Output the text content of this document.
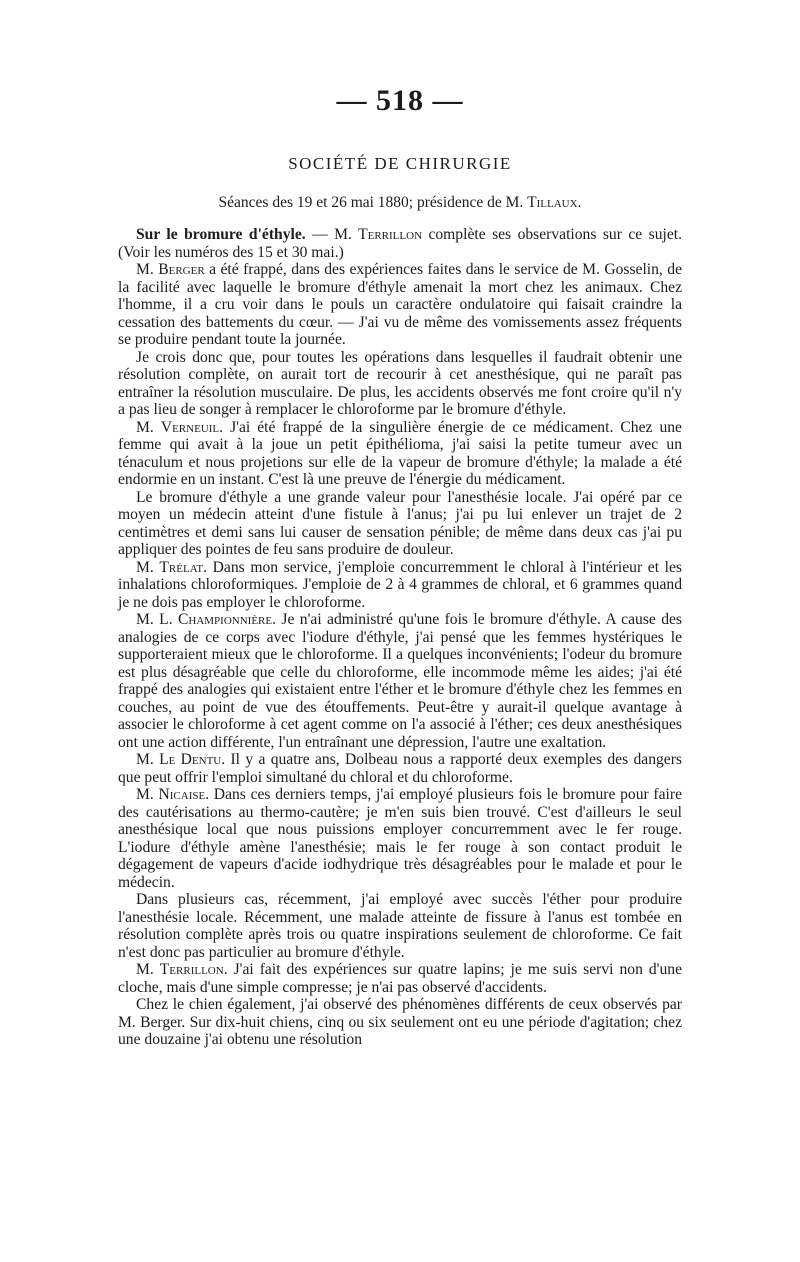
— 518 —
SOCIÉTÉ DE CHIRURGIE
Séances des 19 et 26 mai 1880; présidence de M. Tillaux.

Sur le bromure d'éthyle. — M. Terrillon complète ses observations sur ce sujet. (Voir les numéros des 15 et 30 mai.)

M. Berger a été frappé, dans des expériences faites dans le service de M. Gosselin, de la facilité avec laquelle le bromure d'éthyle amenait la mort chez les animaux. Chez l'homme, il a cru voir dans le pouls un caractère ondulatoire qui faisait craindre la cessation des battements du cœur. — J'ai vu de même des vomissements assez fréquents se produire pendant toute la journée.

Je crois donc que, pour toutes les opérations dans lesquelles il faudrait obtenir une résolution complète, on aurait tort de recourir à cet anesthésique, qui ne paraît pas entraîner la résolution musculaire. De plus, les accidents observés me font croire qu'il n'y a pas lieu de songer à remplacer le chloroforme par le bromure d'éthyle.

M. Verneuil. J'ai été frappé de la singulière énergie de ce médicament. Chez une femme qui avait à la joue un petit épithélioma, j'ai saisi la petite tumeur avec un ténaculum et nous projetions sur elle de la vapeur de bromure d'éthyle; la malade a été endormie en un instant. C'est là une preuve de l'énergie du médicament.

Le bromure d'éthyle a une grande valeur pour l'anesthésie locale. J'ai opéré par ce moyen un médecin atteint d'une fistule à l'anus; j'ai pu lui enlever un trajet de 2 centimètres et demi sans lui causer de sensation pénible; de même dans deux cas j'ai pu appliquer des pointes de feu sans produire de douleur.

M. Trélat. Dans mon service, j'emploie concurremment le chloral à l'intérieur et les inhalations chloroformiques. J'emploie de 2 à 4 grammes de chloral, et 6 grammes quand je ne dois pas employer le chloroforme.

M. L. Championnière. Je n'ai administré qu'une fois le bromure d'éthyle. A cause des analogies de ce corps avec l'iodure d'éthyle, j'ai pensé que les femmes hystériques le supporteraient mieux que le chloroforme. Il a quelques inconvénients; l'odeur du bromure est plus désagréable que celle du chloroforme, elle incommode même les aides; j'ai été frappé des analogies qui existaient entre l'éther et le bromure d'éthyle chez les femmes en couches, au point de vue des étouffements. Peut-être y aurait-il quelque avantage à associer le chloroforme à cet agent comme on l'a associé à l'éther; ces deux anesthésiques ont une action différente, l'un entraînant une dépression, l'autre une exaltation.

M. Le Dentu. Il y a quatre ans, Dolbeau nous a rapporté deux exemples des dangers que peut offrir l'emploi simultané du chloral et du chloroforme.

M. Nicaise. Dans ces derniers temps, j'ai employé plusieurs fois le bromure pour faire des cautérisations au thermo-cautère; je m'en suis bien trouvé. C'est d'ailleurs le seul anesthésique local que nous puissions employer concurremment avec le fer rouge. L'iodure d'éthyle amène l'anesthésie; mais le fer rouge à son contact produit le dégagement de vapeurs d'acide iodhydrique très désagréables pour le malade et pour le médecin.

Dans plusieurs cas, récemment, j'ai employé avec succès l'éther pour produire l'anesthésie locale. Récemment, une malade atteinte de fissure à l'anus est tombée en résolution complète après trois ou quatre inspirations seulement de chloroforme. Ce fait n'est donc pas particulier au bromure d'éthyle.

M. Terrillon. J'ai fait des expériences sur quatre lapins; je me suis servi non d'une cloche, mais d'une simple compresse; je n'ai pas observé d'accidents.

Chez le chien également, j'ai observé des phénomènes différents de ceux observés par M. Berger. Sur dix-huit chiens, cinq ou six seulement ont eu une période d'agitation; chez une douzaine j'ai obtenu une résolution
